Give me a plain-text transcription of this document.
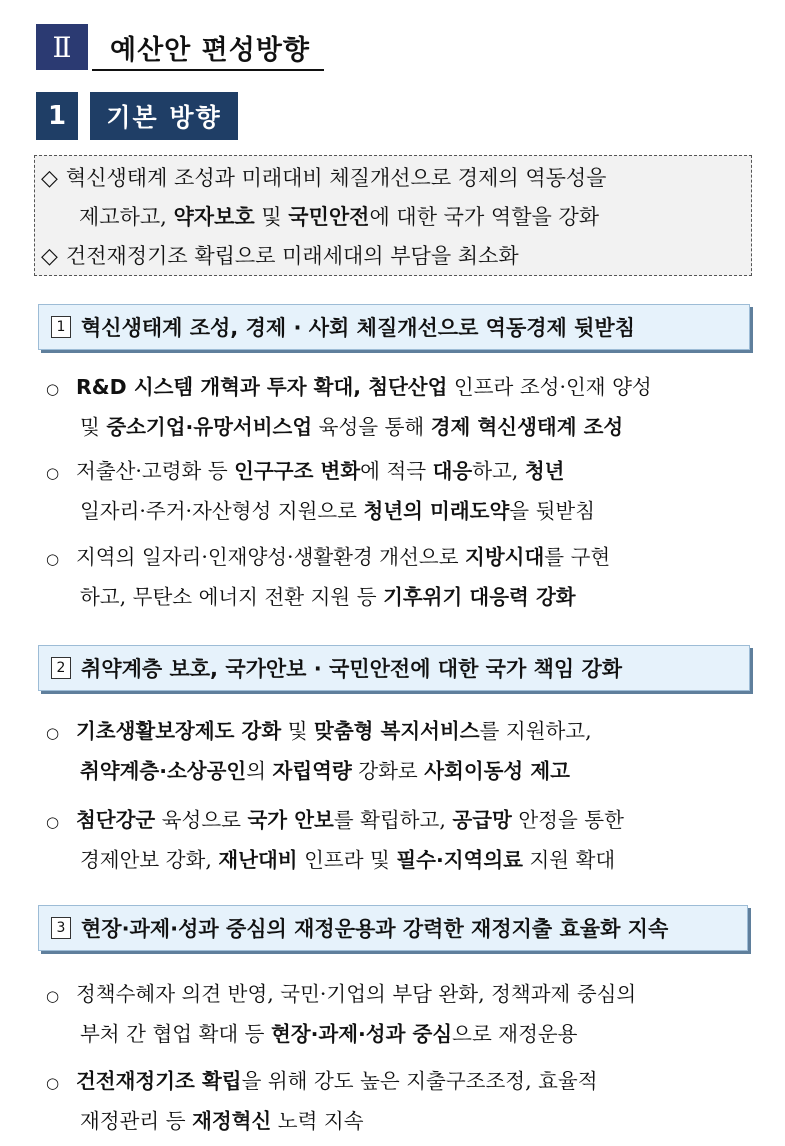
Ⅱ	예산안 편성방향
1	기본 방향
◇ 혁신생태계 조성과 미래대비 체질개선으로 경제의 역동성을
제고하고, 약자보호 및 국민안전에 대한 국가 역할을 강화
◇ 건전재정기조 확립으로 미래세대의 부담을 최소화
1 혁신생태계 조성, 경제 · 사회 체질개선으로 역동경제 뒷받침
○ R&D 시스템 개혁과 투자 확대, 첨단산업 인프라 조성·인재 양성
및 중소기업·유망서비스업 육성을 통해 경제 혁신생태계 조성
○ 저출산·고령화 등 인구구조 변화에 적극 대응하고, 청년
일자리·주거·자산형성 지원으로 청년의 미래도약을 뒷받침
○ 지역의 일자리·인재양성·생활환경 개선으로 지방시대를 구현
하고, 무탄소 에너지 전환 지원 등 기후위기 대응력 강화
2 취약계층 보호, 국가안보 · 국민안전에 대한 국가 책임 강화
○ 기초생활보장제도 강화 및 맞춤형 복지서비스를 지원하고,
취약계층·소상공인의 자립역량 강화로 사회이동성 제고
○ 첨단강군 육성으로 국가 안보를 확립하고, 공급망 안정을 통한
경제안보 강화, 재난대비 인프라 및 필수·지역의료 지원 확대
3 현장·과제·성과 중심의 재정운용과 강력한 재정지출 효율화 지속
○ 정책수혜자 의견 반영, 국민·기업의 부담 완화, 정책과제 중심의
부처 간 협업 확대 등 현장·과제·성과 중심으로 재정운용
○ 건전재정기조 확립을 위해 강도 높은 지출구조조정, 효율적
재정관리 등 재정혁신 노력 지속
